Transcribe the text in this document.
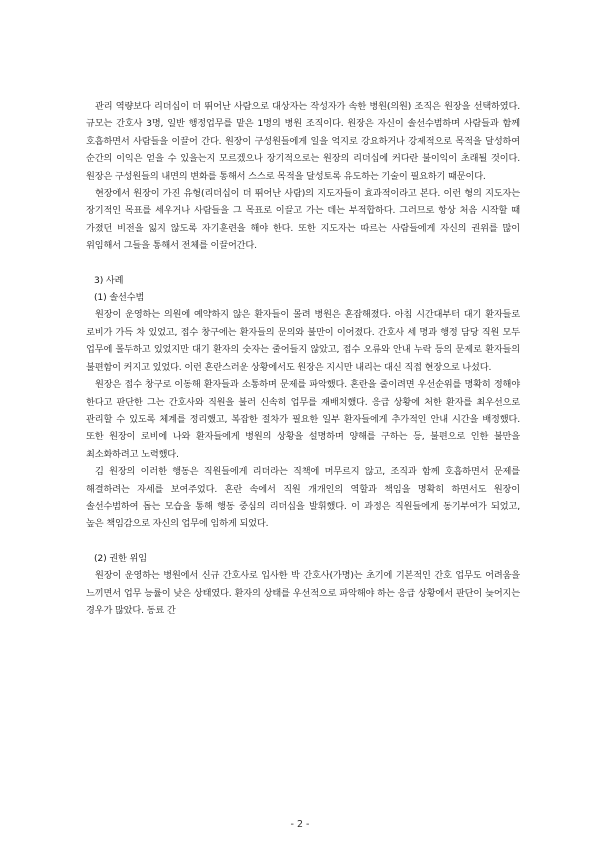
관리 역량보다 리더십이 더 뛰어난 사람으로 대상자는 작성자가 속한 병원(의원) 조직은 원장을 선택하였다. 규모는 간호사 3명, 일반 행정업무를 맡은 1명의 병원 조직이다. 원장은 자신이 솔선수범하며 사람들과 함께 호흡하면서 사람들을 이끌어 간다. 원장이 구성원들에게 일을 억지로 강요하거나 강제적으로 목적을 달성하여 순간의 이익은 얻을 수 있을는지 모르겠으나 장기적으로는 원장의 리더십에 커다란 불이익이 초래될 것이다. 원장은 구성원들의 내면의 변화를 통해서 스스로 목적을 달성토록 유도하는 기술이 필요하기 때문이다.

현장에서 원장이 가진 유형(리더십이 더 뛰어난 사람)의 지도자들이 효과적이라고 본다. 이런 형의 지도자는 장기적인 목표를 세우거나 사람들을 그 목표로 이끌고 가는 데는 부적합하다. 그러므로 항상 처음 시작할 때 가졌던 비전을 잃지 않도록 자기훈련을 해야 한다. 또한 지도자는 따르는 사람들에게 자신의 권위를 많이 위임해서 그들을 통해서 전체를 이끌어간다.

3) 사례

(1) 솔선수범

원장이 운영하는 의원에 예약하지 않은 환자들이 몰려 병원은 혼잡해졌다. 아침 시간대부터 대기 환자들로 로비가 가득 차 있었고, 접수 창구에는 환자들의 문의와 불만이 이어졌다. 간호사 세 명과 행정 담당 직원 모두 업무에 몰두하고 있었지만 대기 환자의 숫자는 줄어들지 않았고, 접수 오류와 안내 누락 등의 문제로 환자들의 불편함이 커지고 있었다. 이런 혼란스러운 상황에서도 원장은 지시만 내리는 대신 직접 현장으로 나섰다.

원장은 접수 창구로 이동해 환자들과 소통하며 문제를 파악했다. 혼란을 줄이려면 우선순위를 명확히 정해야 한다고 판단한 그는 간호사와 직원을 불러 신속히 업무를 재배치했다. 응급 상황에 처한 환자를 최우선으로 관리할 수 있도록 체계를 정리했고, 복잡한 절차가 필요한 일부 환자들에게 추가적인 안내 시간을 배정했다. 또한 원장이 로비에 나와 환자들에게 병원의 상황을 설명하며 양해를 구하는 등, 불편으로 인한 불만을 최소화하려고 노력했다.

김 원장의 이러한 행동은 직원들에게 리더라는 직책에 머무르지 않고, 조직과 함께 호흡하면서 문제를 해결하려는 자세를 보여주었다. 혼란 속에서 직원 개개인의 역할과 책임을 명확히 하면서도 원장이 솔선수범하여 돕는 모습을 통해 행동 중심의 리더십을 발휘했다. 이 과정은 직원들에게 동기부여가 되었고, 높은 책임감으로 자신의 업무에 임하게 되었다.

(2) 권한 위임

원장이 운영하는 병원에서 신규 간호사로 입사한 박 간호사(가명)는 초기에 기본적인 간호 업무도 어려움을 느끼면서 업무 능률이 낮은 상태였다. 환자의 상태를 우선적으로 파악해야 하는 응급 상황에서 판단이 늦어지는 경우가 많았다. 동료 간

- 2 -
